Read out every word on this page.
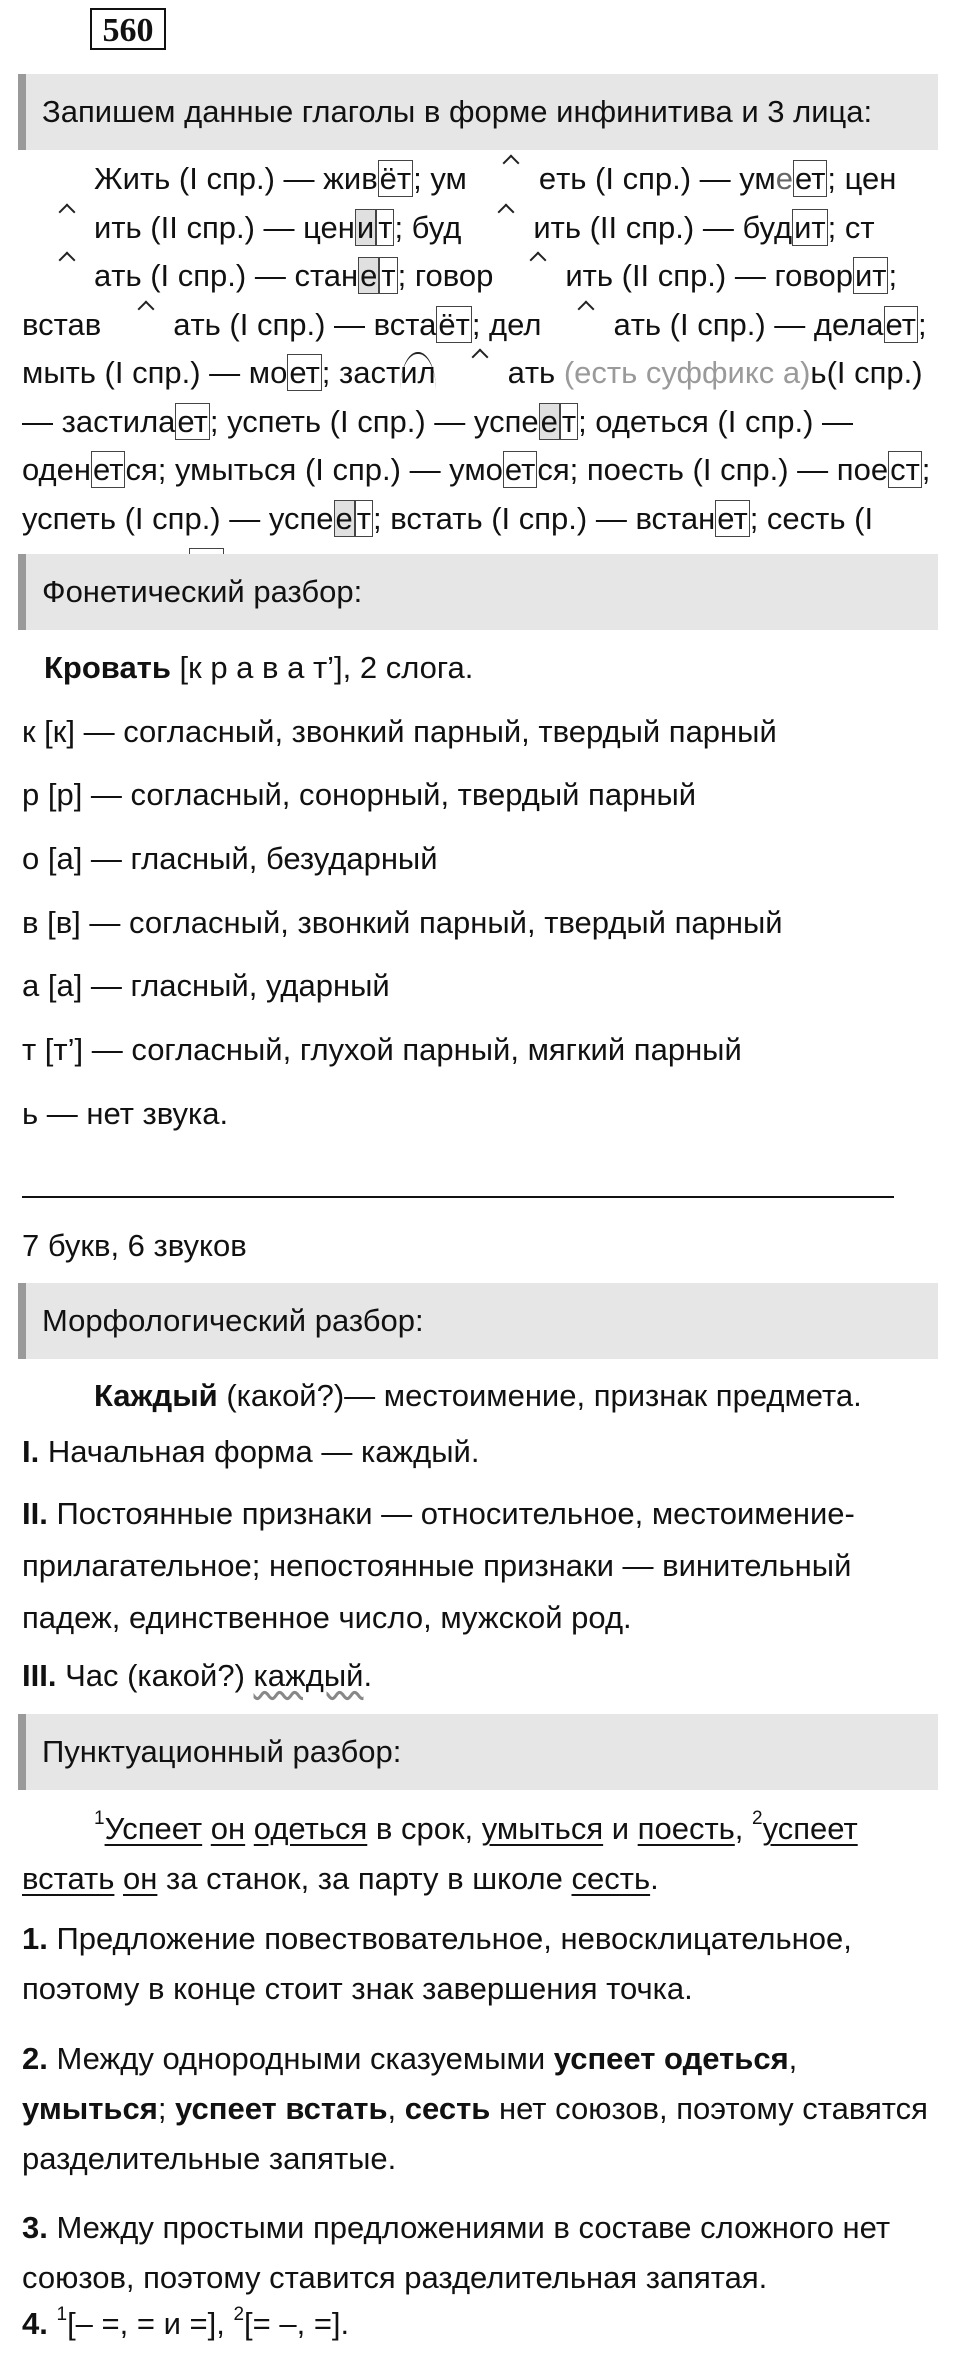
560
Запишем данные глаголы в форме инфинитива и 3 лица:
Жить (I спр.) — живёт; ум еть (I спр.) — умеет; ценить (II спр.) — цени т; буд ить (II спр.) — будит; стать (I спр.) — стане т; говор ить (II спр.) — говорит; встав ать (I спр.) — встаёт; дел ать (I спр.) — делает; мыть (I спр.) — моет; застил ать (есть суффикс а)ь(I спр.) — застилает; успеть (I спр.) — успее т; одеться (I спр.) — оденется; умыться (I спр.) — умоется; поесть (I спр.) — поест; успеть (I спр.) — успее т; встать (I спр.) — встанет; сесть (I
Фонетический разбор:
Кровать [к р а в а т’], 2 слога.
к [к] — согласный, звонкий парный, твердый парный
р [р] — согласный, сонорный, твердый парный
о [а] — гласный, безударный
в [в] — согласный, звонкий парный, твердый парный
а [а] — гласный, ударный
т [т’] — согласный, глухой парный, мягкий парный
ь — нет звука.
7 букв, 6 звуков
Морфологический разбор:
Каждый (какой?)— местоимение, признак предмета.
I. Начальная форма — каждый.
II. Постоянные признаки — относительное, местоимение-прилагательное; непостоянные признаки — винительный падеж, единственное число, мужской род.
III. Час (какой?) каждый.
Пунктуационный разбор:
$^1$Успеет он одеться в срок, умыться и поесть, $^2$успеет встать он за станок, за парту в школе сесть.
1. Предложение повествовательное, невосклицательное, поэтому в конце стоит знак завершения точка.
2. Между однородными сказуемыми успеет одеться, умыться; успеет встать, сесть нет союзов, поэтому ставятся разделительные запятые.
3. Между простыми предложениями в составе сложного нет союзов, поэтому ставится разделительная запятая.
4. $^1$[– =, = и =], $^2$[= –, =].
